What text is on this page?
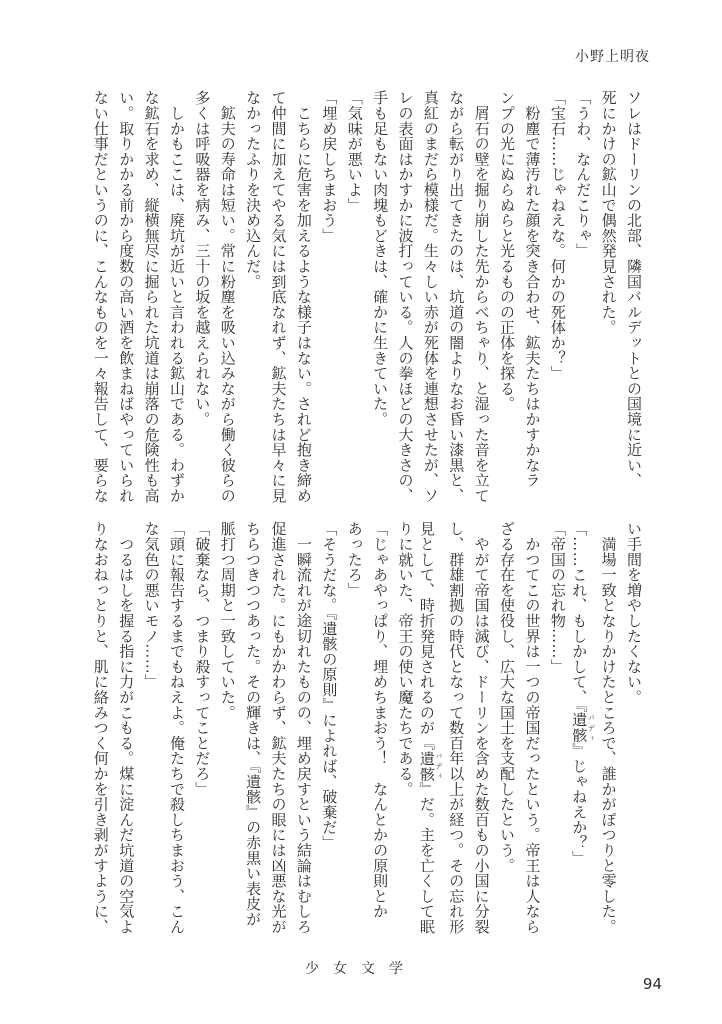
小野上明夜
ソレはドーリンの北部、隣国バルデットとの国境に近い、
死にかけの鉱山で偶然発見された。
「うわ、なんだこりゃ」
「宝石……じゃねえな。何かの死体か？」
　粉塵で薄汚れた顔を突き合わせ、鉱夫たちはかすかなラ
ンプの光にぬらぬらと光るものの正体を探る。
　屑石の壁を掘り崩した先からべちゃり、と湿った音を立て
ながら転がり出てきたのは、坑道の闇よりなお昏い漆黒と、
真紅のまだら模様だ。生々しい赤が死体を連想させたが、ソ
レの表面はかすかに波打っている。人の拳ほどの大きさの、
手も足もない肉塊もどきは、確かに生きていた。
「気味が悪いよ」
「埋め戻しちまおう」
　こちらに危害を加えるような様子はない。されど抱き締め
て仲間に加えてやる気には到底なれず、鉱夫たちは早々に見
なかったふりを決め込んだ。
　鉱夫の寿命は短い。常に粉塵を吸い込みながら働く彼らの
多くは呼吸器を病み、三十の坂を越えられない。
　しかもここは、廃坑が近いと言われる鉱山である。わずか
な鉱石を求め、縦横無尽に掘られた坑道は崩落の危険性も高
い。取りかかる前から度数の高い酒を飲まねばやっていられ
ない仕事だというのに、こんなものを一々報告して、要らな
い手間を増やしたくない。
　満場一致となりかけたところで、誰かがぽつりと零した。
「……これ、もしかして、『遺骸 バディ』じゃねえか？」
「帝国の忘れ物……」
　かつてこの世界は一つの帝国だったという。帝王は人なら
ざる存在を使役し、広大な国土を支配したという。
　やがて帝国は滅び、ドーリンを含めた数百もの小国に分裂
し、群雄割拠の時代となって数百年以上が経つ。その忘れ形
見として、時折発見されるのが『遺骸 バディ』だ。主を亡くして眠
りに就いた、帝王の使い魔たちである。
「じゃあやっぱり、埋めちまおう！　なんとかの原則とか
あったろ」
「そうだな。『遺骸の原則』によれば、破棄だ」
　一瞬流れが途切れたものの、埋め戻すという結論はむしろ
促進された。にもかかわらず、鉱夫たちの眼には凶悪な光が
ちらつきつつあった。その輝きは、『遺骸』の赤黒い表皮が
脈打つ周期と一致していた。
「破棄なら、つまり殺すってことだろ」
「頭に報告するまでもねえよ。俺たちで殺しちまおう、こん
な気色の悪いモノ……」
　つるはしを握る指に力がこもる。煤に淀んだ坑道の空気よ
りなおねっとりと、肌に絡みつく何かを引き剥がすように、
少女文学
94
